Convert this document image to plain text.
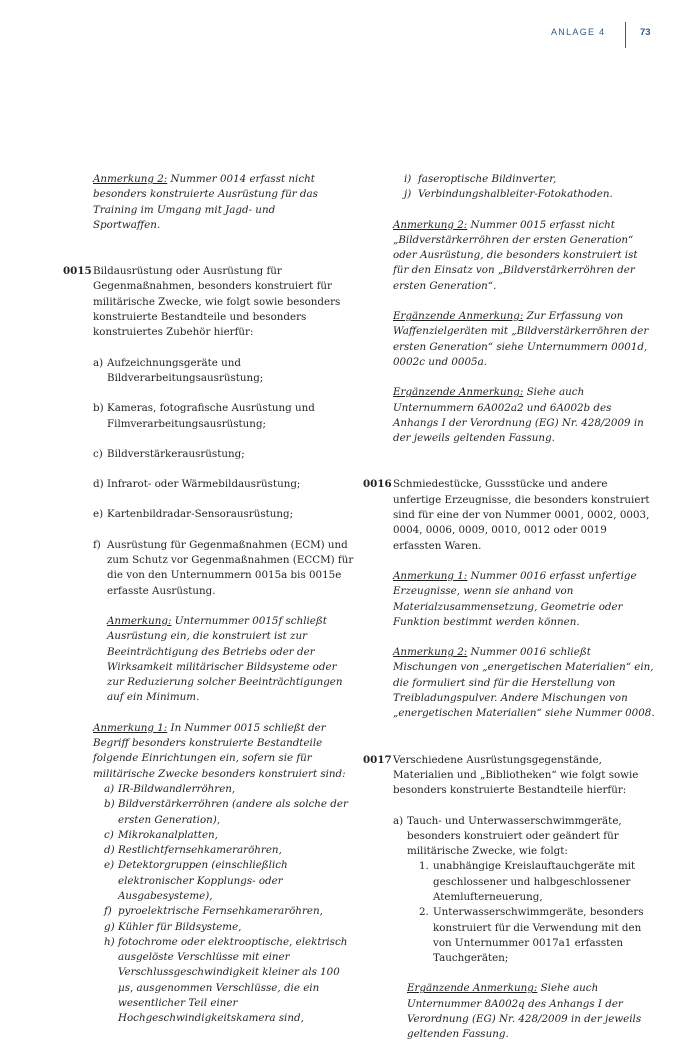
ANLAGE 4	73

Anmerkung 2: Nummer 0014 erfasst nicht besonders konstruierte Ausrüstung für das Training im Umgang mit Jagd- und Sportwaffen.

0015 Bildausrüstung oder Ausrüstung für Gegenmaßnahmen, besonders konstruiert für militärische Zwecke, wie folgt sowie besonders konstruierte Bestandteile und besonders konstruiertes Zubehör hierfür:

a) Aufzeichnungsgeräte und Bildverarbeitungsausrüstung;

b) Kameras, fotografische Ausrüstung und Filmverarbeitungsausrüstung;

c) Bildverstärkerausrüstung;

d) Infrarot- oder Wärmebildausrüstung;

e) Kartenbildradar-Sensorausrüstung;

f) Ausrüstung für Gegenmaßnahmen (ECM) und zum Schutz vor Gegenmaßnahmen (ECCM) für die von den Unternummern 0015a bis 0015e erfasste Ausrüstung.

Anmerkung: Unternummer 0015f schließt Ausrüstung ein, die konstruiert ist zur Beeinträchtigung des Betriebs oder der Wirksamkeit militärischer Bildsysteme oder zur Reduzierung solcher Beeinträchtigungen auf ein Minimum.

Anmerkung 1: In Nummer 0015 schließt der Begriff besonders konstruierte Bestandteile folgende Einrichtungen ein, sofern sie für militärische Zwecke besonders konstruiert sind:

a) IR-Bildwandlerröhren,

b) Bildverstärkerröhren (andere als solche der ersten Generation),

c) Mikrokanalplatten,

d) Restlichtfernsehkameraröhren,

e) Detektorgruppen (einschließlich elektronischer Kopplungs- oder Ausgabesysteme),

f) pyroelektrische Fernsehkameraröhren,

g) Kühler für Bildsysteme,

h) fotochrome oder elektrooptische, elektrisch ausgelöste Verschlüsse mit einer Verschlussgeschwindigkeit kleiner als 100 µs, ausgenommen Verschlüsse, die ein wesentlicher Teil einer Hochgeschwindigkeitskamera sind,

i) faseroptische Bildinverter,

j) Verbindungshalbleiter-Fotokathoden.

Anmerkung 2: Nummer 0015 erfasst nicht „Bildverstärkerröhren der ersten Generation“ oder Ausrüstung, die besonders konstruiert ist für den Einsatz von „Bildverstärkerröhren der ersten Generation“.

Ergänzende Anmerkung: Zur Erfassung von Waffenzielgeräten mit „Bildverstärkerröhren der ersten Generation“ siehe Unternummern 0001d, 0002c und 0005a.

Ergänzende Anmerkung: Siehe auch Unternummern 6A002a2 und 6A002b des Anhangs I der Verordnung (EG) Nr. 428/2009 in der jeweils geltenden Fassung.

0016 Schmiedestücke, Gussstücke und andere unfertige Erzeugnisse, die besonders konstruiert sind für eine der von Nummer 0001, 0002, 0003, 0004, 0006, 0009, 0010, 0012 oder 0019 erfassten Waren.

Anmerkung 1: Nummer 0016 erfasst unfertige Erzeugnisse, wenn sie anhand von Materialzusammensetzung, Geometrie oder Funktion bestimmt werden können.

Anmerkung 2: Nummer 0016 schließt Mischungen von „energetischen Materialien“ ein, die formuliert sind für die Herstellung von Treibladungspulver. Andere Mischungen von „energetischen Materialien“ siehe Nummer 0008.

0017 Verschiedene Ausrüstungsgegenstände, Materialien und „Bibliotheken“ wie folgt sowie besonders konstruierte Bestandteile hierfür:

a) Tauch- und Unterwasserschwimmgeräte, besonders konstruiert oder geändert für militärische Zwecke, wie folgt:

1. unabhängige Kreislauftauchgeräte mit geschlossener und halbgeschlossener Atemlufterneuerung,

2. Unterwasserschwimmgeräte, besonders konstruiert für die Verwendung mit den von Unternummer 0017a1 erfassten Tauchgeräten;

Ergänzende Anmerkung: Siehe auch Unternummer 8A002q des Anhangs I der Verordnung (EG) Nr. 428/2009 in der jeweils geltenden Fassung.
